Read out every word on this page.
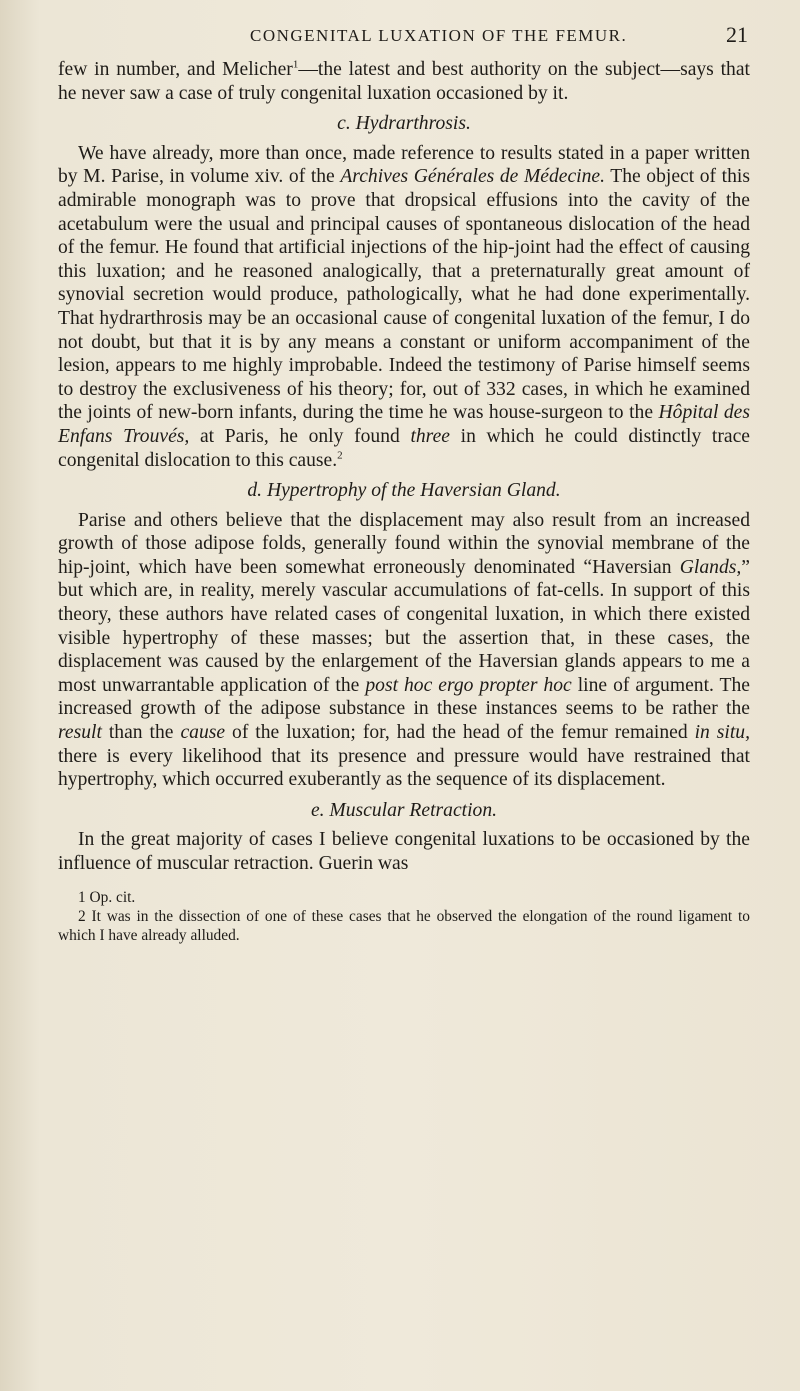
CONGENITAL LUXATION OF THE FEMUR.	21

few in number, and Melicher$^1$—the latest and best authority on the subject—says that he never saw a case of truly congenital luxation occasioned by it.

c. Hydrarthrosis.

We have already, more than once, made reference to results stated in a paper written by M. Parise, in volume xiv. of the Archives Générales de Médecine. The object of this admirable monograph was to prove that dropsical effusions into the cavity of the acetabulum were the usual and principal causes of spontaneous dislocation of the head of the femur. He found that artificial injections of the hip-joint had the effect of causing this luxation; and he reasoned analogically, that a preternaturally great amount of synovial secretion would produce, pathologically, what he had done experimentally. That hydrarthrosis may be an occasional cause of congenital luxation of the femur, I do not doubt, but that it is by any means a constant or uniform accompaniment of the lesion, appears to me highly improbable. Indeed the testimony of Parise himself seems to destroy the exclusiveness of his theory; for, out of 332 cases, in which he examined the joints of new-born infants, during the time he was house-surgeon to the Hôpital des Enfans Trouvés, at Paris, he only found three in which he could distinctly trace congenital dislocation to this cause.$^2$

d. Hypertrophy of the Haversian Gland.

Parise and others believe that the displacement may also result from an increased growth of those adipose folds, generally found within the synovial membrane of the hip-joint, which have been somewhat erroneously denominated “Haversian Glands,” but which are, in reality, merely vascular accumulations of fat-cells. In support of this theory, these authors have related cases of congenital luxation, in which there existed visible hypertrophy of these masses; but the assertion that, in these cases, the displacement was caused by the enlargement of the Haversian glands appears to me a most unwarrantable application of the post hoc ergo propter hoc line of argument. The increased growth of the adipose substance in these instances seems to be rather the result than the cause of the luxation; for, had the head of the femur remained in situ, there is every likelihood that its presence and pressure would have restrained that hypertrophy, which occurred exuberantly as the sequence of its displacement.

e. Muscular Retraction.

In the great majority of cases I believe congenital luxations to be occasioned by the influence of muscular retraction. Guerin was

1 Op. cit.

2 It was in the dissection of one of these cases that he observed the elongation of the round ligament to which I have already alluded.
